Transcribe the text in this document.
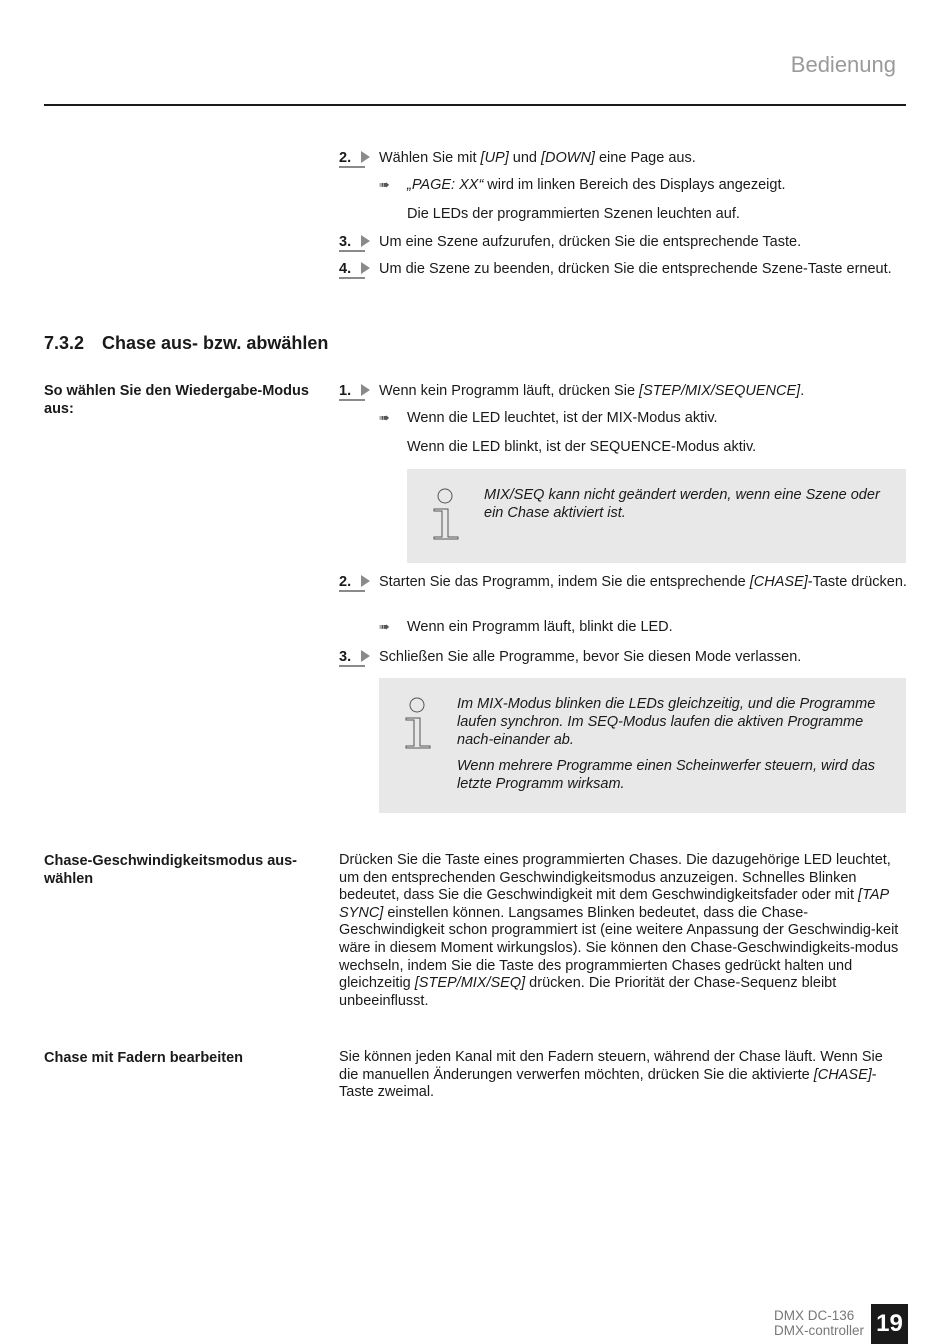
Bedienung
2.	Wählen Sie mit [UP] und [DOWN] eine Page aus.
➠ „PAGE: XX“ wird im linken Bereich des Displays angezeigt.
Die LEDs der programmierten Szenen leuchten auf.
3.	Um eine Szene aufzurufen, drücken Sie die entsprechende Taste.
4.	Um die Szene zu beenden, drücken Sie die entsprechende Szene-Taste erneut.
7.3.2 Chase aus- bzw. abwählen
So wählen Sie den Wiedergabe-Modus aus:
1.	Wenn kein Programm läuft, drücken Sie [STEP/MIX/SEQUENCE].
➠ Wenn die LED leuchtet, ist der MIX-Modus aktiv.
Wenn die LED blinkt, ist der SEQUENCE-Modus aktiv.
MIX/SEQ kann nicht geändert werden, wenn eine Szene oder ein Chase aktiviert ist.
2.	Starten Sie das Programm, indem Sie die entsprechende [CHASE]-Taste drücken.
➠ Wenn ein Programm läuft, blinkt die LED.
3.	Schließen Sie alle Programme, bevor Sie diesen Mode verlassen.
Im MIX-Modus blinken die LEDs gleichzeitig, und die Programme laufen synchron. Im SEQ-Modus laufen die aktiven Programme nach-einander ab.
Wenn mehrere Programme einen Scheinwerfer steuern, wird das letzte Programm wirksam.
Chase-Geschwindigkeitsmodus aus-wählen
Drücken Sie die Taste eines programmierten Chases. Die dazugehörige LED leuchtet, um den entsprechenden Geschwindigkeitsmodus anzuzeigen. Schnelles Blinken bedeutet, dass Sie die Geschwindigkeit mit dem Geschwindigkeitsfader oder mit [TAP SYNC] einstellen können. Langsames Blinken bedeutet, dass die Chase-Geschwindigkeit schon programmiert ist (eine weitere Anpassung der Geschwindig-keit wäre in diesem Moment wirkungslos). Sie können den Chase-Geschwindigkeits-modus wechseln, indem Sie die Taste des programmierten Chases gedrückt halten und gleichzeitig [STEP/MIX/SEQ] drücken. Die Priorität der Chase-Sequenz bleibt unbeeinflusst.
Chase mit Fadern bearbeiten	Sie können jeden Kanal mit den Fadern steuern, während der Chase läuft. Wenn Sie die manuellen Änderungen verwerfen möchten, drücken Sie die aktivierte [CHASE]-Taste zweimal.
DMX DC-136
DMX-controller 19
